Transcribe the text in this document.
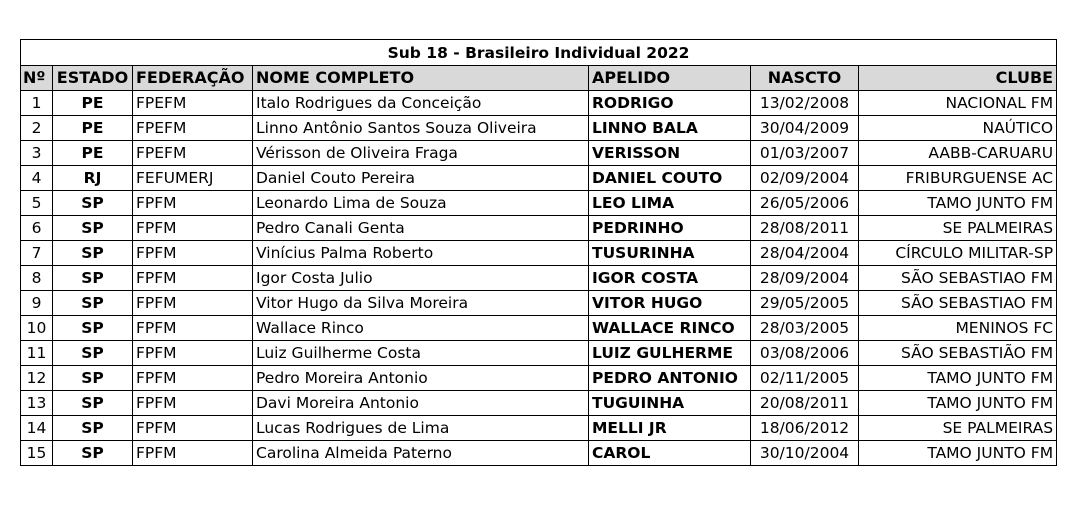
Sub 18 - Brasileiro Individual 2022						
Nº	ESTADO	FEDERAÇÃO	NOME COMPLETO	APELIDO	NASCTO	CLUBE
1	PE	FPEFM	Italo Rodrigues da Conceição	RODRIGO	13/02/2008	NACIONAL FM
2	PE	FPEFM	Linno Antônio Santos Souza Oliveira	LINNO BALA	30/04/2009	NAÚTICO
3	PE	FPEFM	Vérisson de Oliveira Fraga	VERISSON	01/03/2007	AABB-CARUARU
4	RJ	FEFUMERJ	Daniel Couto Pereira	DANIEL COUTO	02/09/2004	FRIBURGUENSE AC
5	SP	FPFM	Leonardo Lima de Souza	LEO LIMA	26/05/2006	TAMO JUNTO FM
6	SP	FPFM	Pedro Canali Genta	PEDRINHO	28/08/2011	SE PALMEIRAS
7	SP	FPFM	Vinícius Palma Roberto	TUSURINHA	28/04/2004	CÍRCULO MILITAR-SP
8	SP	FPFM	Igor Costa Julio	IGOR COSTA	28/09/2004	SÃO SEBASTIAO FM
9	SP	FPFM	Vitor Hugo da Silva Moreira	VITOR HUGO	29/05/2005	SÃO SEBASTIAO FM
10	SP	FPFM	Wallace Rinco	WALLACE RINCO	28/03/2005	MENINOS FC
11	SP	FPFM	Luiz Guilherme Costa	LUIZ GULHERME	03/08/2006	SÃO SEBASTIÃO FM
12	SP	FPFM	Pedro Moreira Antonio	PEDRO ANTONIO	02/11/2005	TAMO JUNTO FM
13	SP	FPFM	Davi Moreira Antonio	TUGUINHA	20/08/2011	TAMO JUNTO FM
14	SP	FPFM	Lucas Rodrigues de Lima	MELLI JR	18/06/2012	SE PALMEIRAS
15	SP	FPFM	Carolina Almeida Paterno	CAROL	30/10/2004	TAMO JUNTO FM
